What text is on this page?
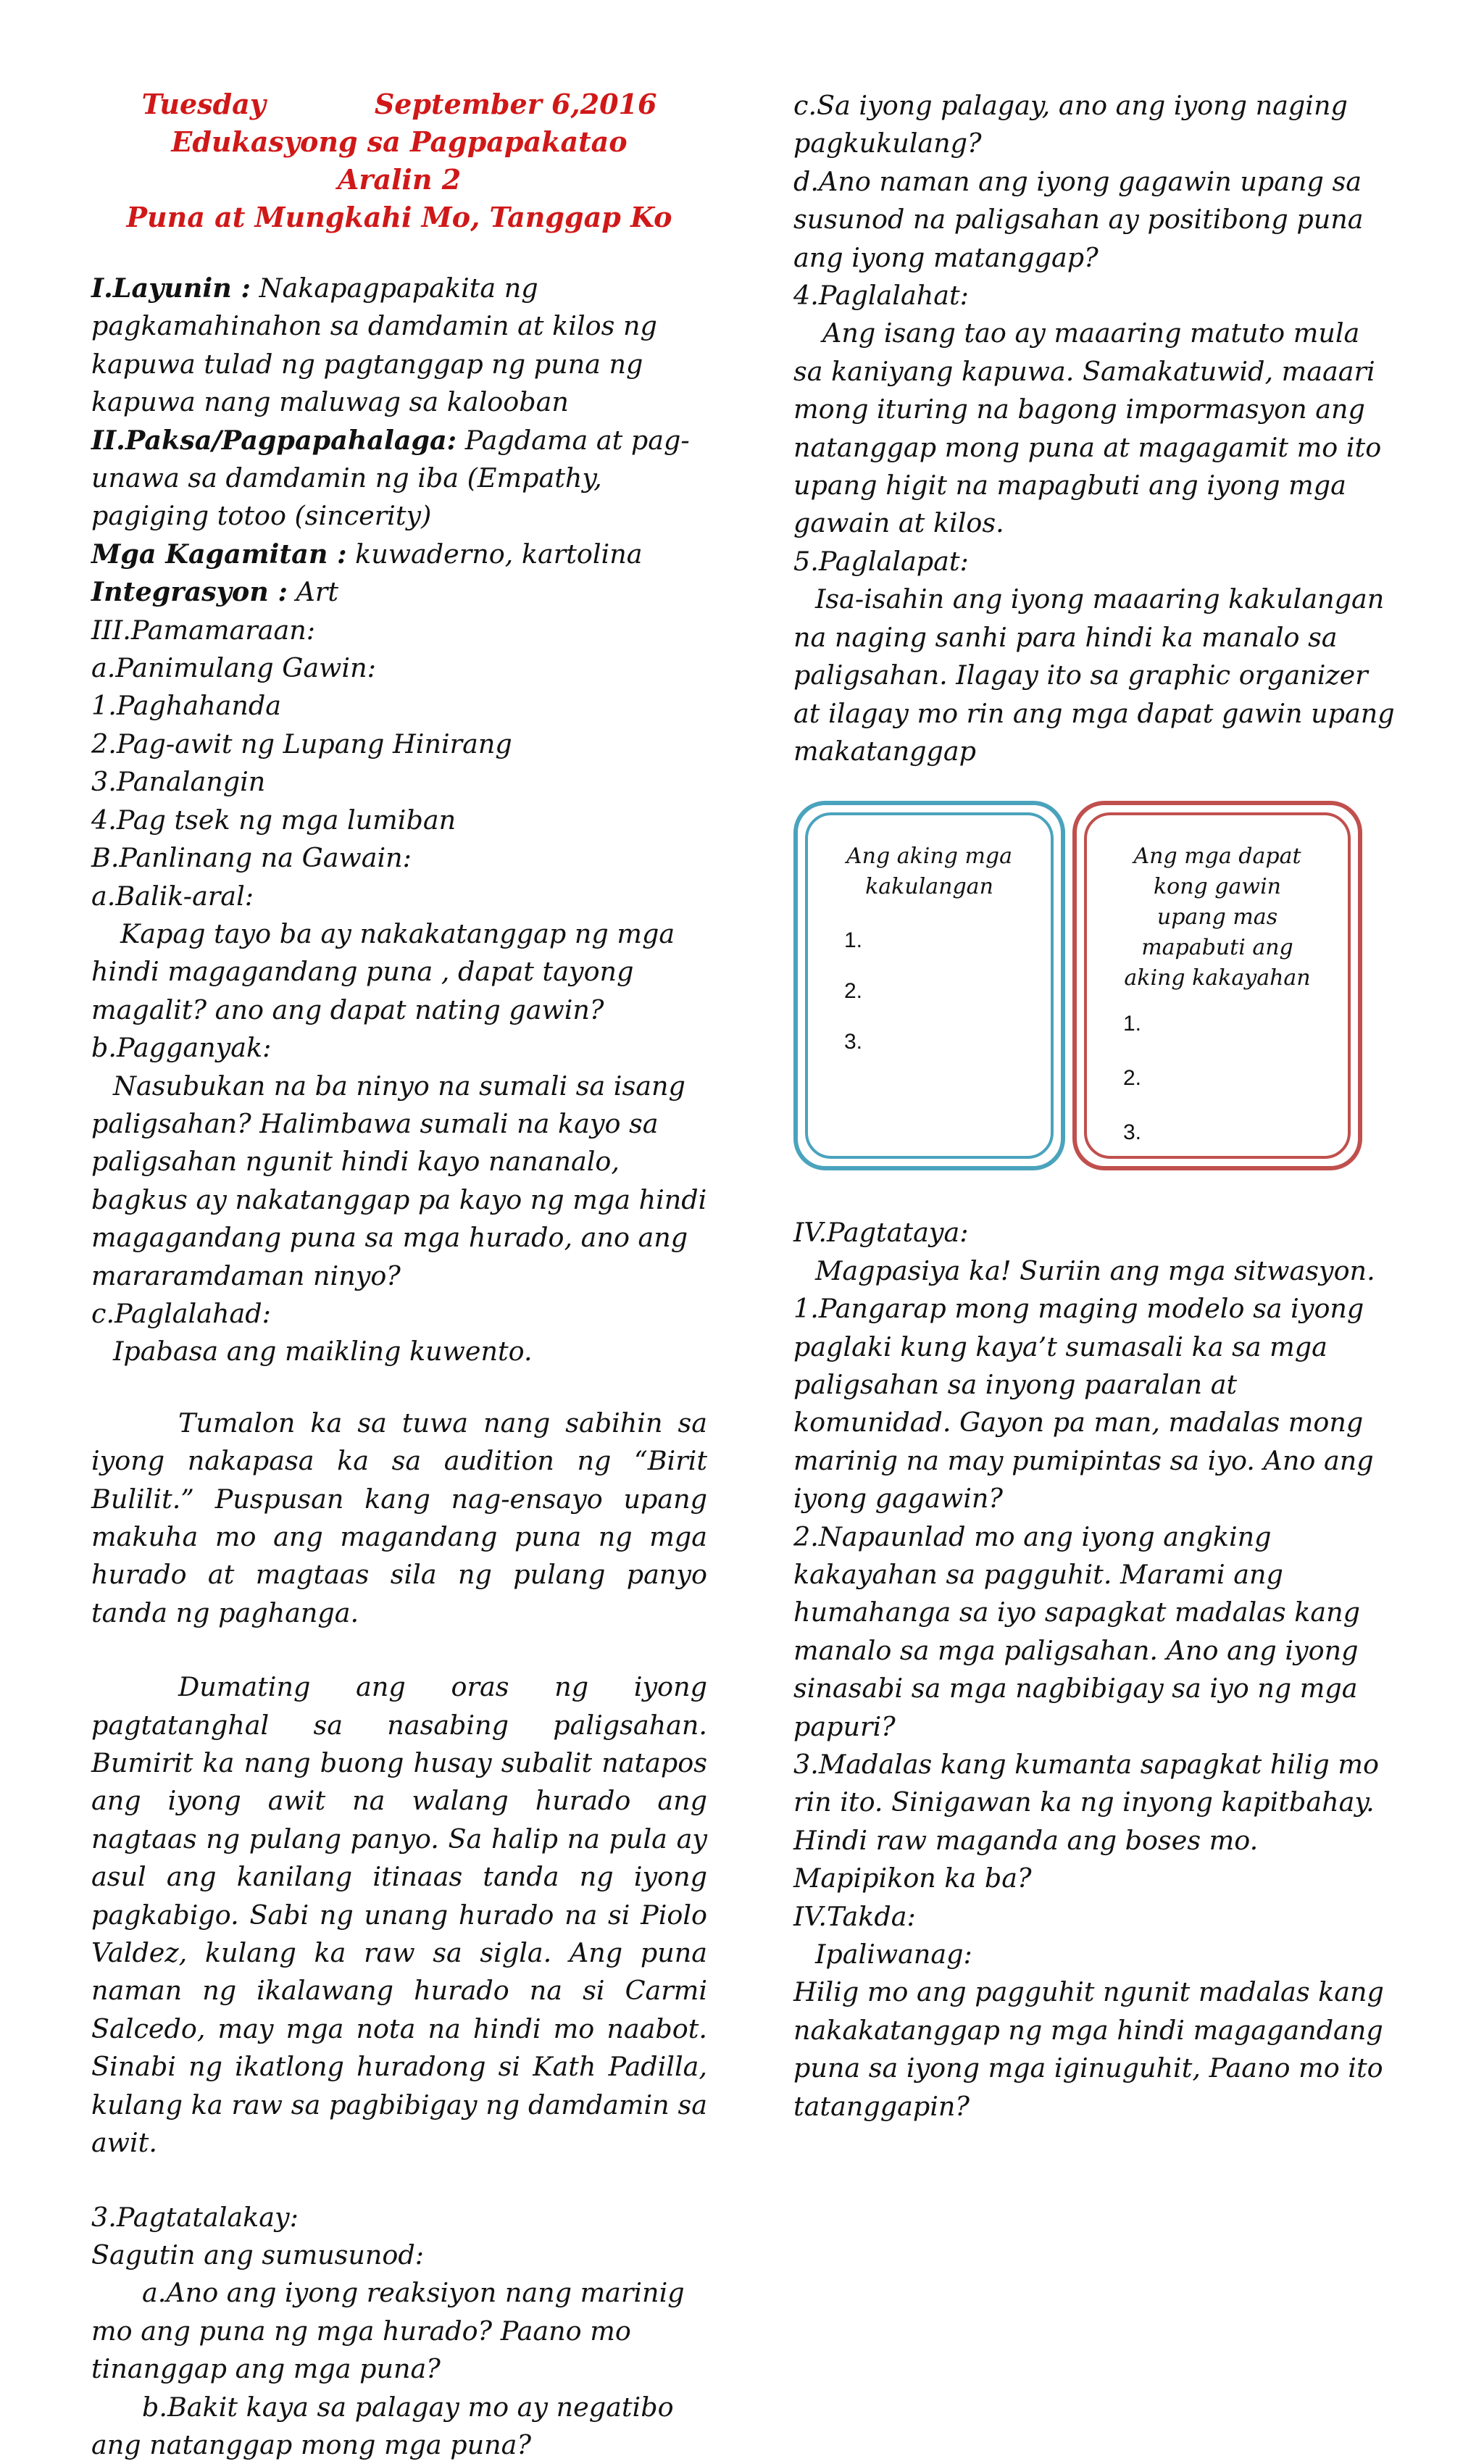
Tuesday	September 6,2016

Edukasyong sa Pagpapakatao

Aralin 2

Puna at Mungkahi Mo, Tanggap Ko

I.Layunin : Nakapagpapakita ng pagkamahinahon sa damdamin at kilos ng kapuwa tulad ng pagtanggap ng puna ng kapuwa nang maluwag sa kalooban

II.Paksa/Pagpapahalaga: Pagdama at pag-unawa sa damdamin ng iba (Empathy, pagiging totoo (sincerity)

Mga Kagamitan : kuwaderno, kartolina

Integrasyon : Art

III.Pamamaraan:

a.Panimulang Gawin:

1.Paghahanda

2.Pag-awit ng Lupang Hinirang

3.Panalangin

4.Pag tsek ng mga lumiban

B.Panlinang na Gawain:

a.Balik-aral:

Kapag tayo ba ay nakakatanggap ng mga hindi magagandang puna , dapat tayong magalit? ano ang dapat nating gawin?

b.Pagganyak:

Nasubukan na ba ninyo na sumali sa isang paligsahan? Halimbawa sumali na kayo sa paligsahan ngunit hindi kayo nananalo, bagkus ay nakatanggap pa kayo ng mga hindi magagandang puna sa mga hurado, ano ang mararamdaman ninyo?

c.Paglalahad:

Ipabasa ang maikling kuwento.

Tumalon ka sa tuwa nang sabihin sa iyong nakapasa ka sa audition ng “Birit Bulilit.” Puspusan kang nag-ensayo upang makuha mo ang magandang puna ng mga hurado at magtaas sila ng pulang panyo tanda ng paghanga.

Dumating ang oras ng iyong pagtatanghal sa nasabing paligsahan. Bumirit ka nang buong husay subalit natapos ang iyong awit na walang hurado ang nagtaas ng pulang panyo. Sa halip na pula ay asul ang kanilang itinaas tanda ng iyong pagkabigo. Sabi ng unang hurado na si Piolo Valdez, kulang ka raw sa sigla. Ang puna naman ng ikalawang hurado na si Carmi Salcedo, may mga nota na hindi mo naabot. Sinabi ng ikatlong huradong si Kath Padilla, kulang ka raw sa pagbibigay ng damdamin sa awit.

3.Pagtatalakay:

Sagutin ang sumusunod:

a.Ano ang iyong reaksiyon nang marinig mo ang puna ng mga hurado? Paano mo tinanggap ang mga puna?

b.Bakit kaya sa palagay mo ay negatibo ang natanggap mong mga puna?

c.Sa iyong palagay, ano ang iyong naging pagkukulang?

d.Ano naman ang iyong gagawin upang sa susunod na paligsahan ay positibong puna ang iyong matanggap?

4.Paglalahat:

Ang isang tao ay maaaring matuto mula sa kaniyang kapuwa. Samakatuwid, maaari mong ituring na bagong impormasyon ang natanggap mong puna at magagamit mo ito upang higit na mapagbuti ang iyong mga gawain at kilos.

5.Paglalapat:

Isa-isahin ang iyong maaaring kakulangan na naging sanhi para hindi ka manalo sa paligsahan. Ilagay ito sa graphic organizer at ilagay mo rin ang mga dapat gawin upang makatanggap

Ang aking mga kakulangan

1.

2.

3.

Ang mga dapat kong gawin upang mas mapabuti ang aking kakayahan

1.

2.

3.

IV.Pagtataya:

Magpasiya ka! Suriin ang mga sitwasyon.

1.Pangarap mong maging modelo sa iyong paglaki kung kaya’t sumasali ka sa mga paligsahan sa inyong paaralan at komunidad. Gayon pa man, madalas mong marinig na may pumipintas sa iyo. Ano ang iyong gagawin?

2.Napaunlad mo ang iyong angking kakayahan sa pagguhit. Marami ang humahanga sa iyo sapagkat madalas kang manalo sa mga paligsahan. Ano ang iyong sinasabi sa mga nagbibigay sa iyo ng mga papuri?

3.Madalas kang kumanta sapagkat hilig mo rin ito. Sinigawan ka ng inyong kapitbahay. Hindi raw maganda ang boses mo. Mapipikon ka ba?

IV.Takda:

Ipaliwanag:

Hilig mo ang pagguhit ngunit madalas kang nakakatanggap ng mga hindi magagandang puna sa iyong mga iginuguhit, Paano mo ito tatanggapin?
